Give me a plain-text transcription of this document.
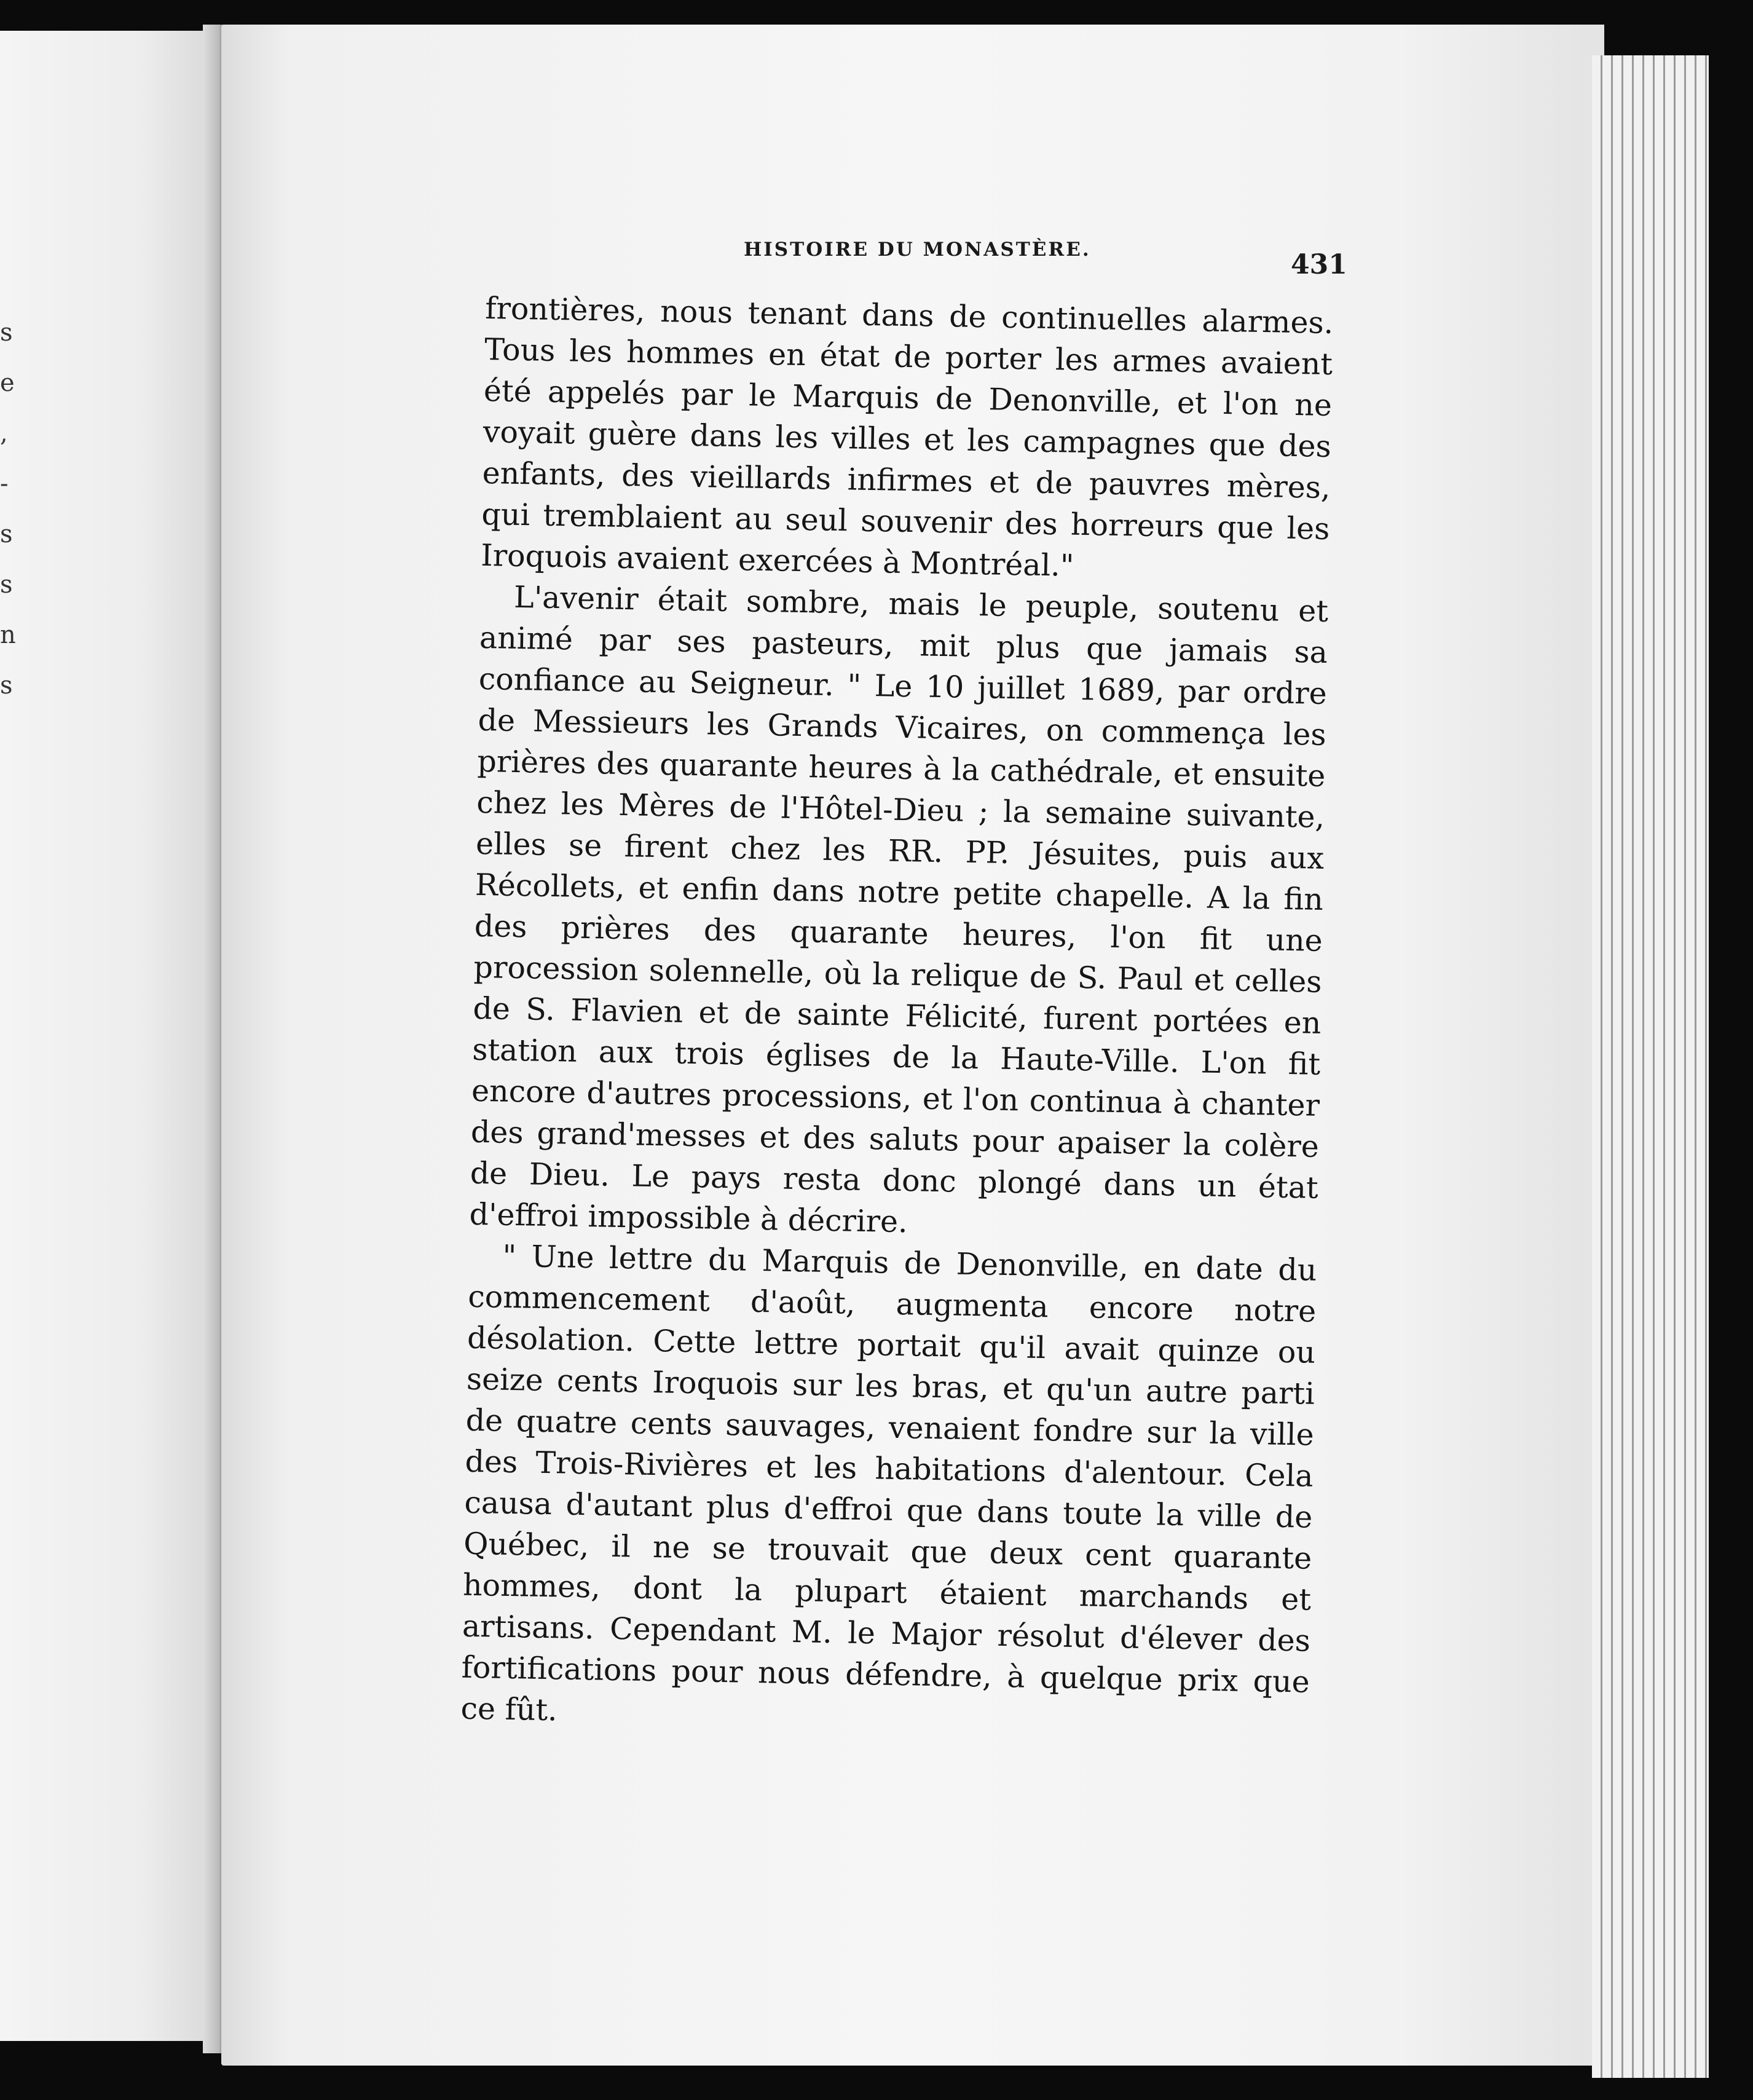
s
e
,
-
s
s
n
s
HISTOIRE DU MONASTÈRE.	431

frontières, nous tenant dans de continuelles alarmes. Tous les hommes en état de porter les armes avaient été appelés par le Marquis de Denonville, et l'on ne voyait guère dans les villes et les campagnes que des enfants, des vieillards infirmes et de pauvres mères, qui tremblaient au seul souvenir des horreurs que les Iroquois avaient exercées à Montréal."

L'avenir était sombre, mais le peuple, soutenu et animé par ses pasteurs, mit plus que jamais sa confiance au Seigneur. " Le 10 juillet 1689, par ordre de Messieurs les Grands Vicaires, on commença les prières des quarante heures à la cathédrale, et ensuite chez les Mères de l'Hôtel-Dieu ; la semaine suivante, elles se firent chez les RR. PP. Jésuites, puis aux Récollets, et enfin dans notre petite chapelle. A la fin des prières des quarante heures, l'on fit une procession solennelle, où la relique de S. Paul et celles de S. Flavien et de sainte Félicité, furent portées en station aux trois églises de la Haute-Ville. L'on fit encore d'autres processions, et l'on continua à chanter des grand'messes et des saluts pour apaiser la colère de Dieu. Le pays resta donc plongé dans un état d'effroi impossible à décrire.

" Une lettre du Marquis de Denonville, en date du commencement d'août, augmenta encore notre désolation. Cette lettre portait qu'il avait quinze ou seize cents Iroquois sur les bras, et qu'un autre parti de quatre cents sauvages, venaient fondre sur la ville des Trois-Rivières et les habitations d'alentour. Cela causa d'autant plus d'effroi que dans toute la ville de Québec, il ne se trouvait que deux cent quarante hommes, dont la plupart étaient marchands et artisans. Cependant M. le Major résolut d'élever des fortifications pour nous défendre, à quelque prix que ce fût.
